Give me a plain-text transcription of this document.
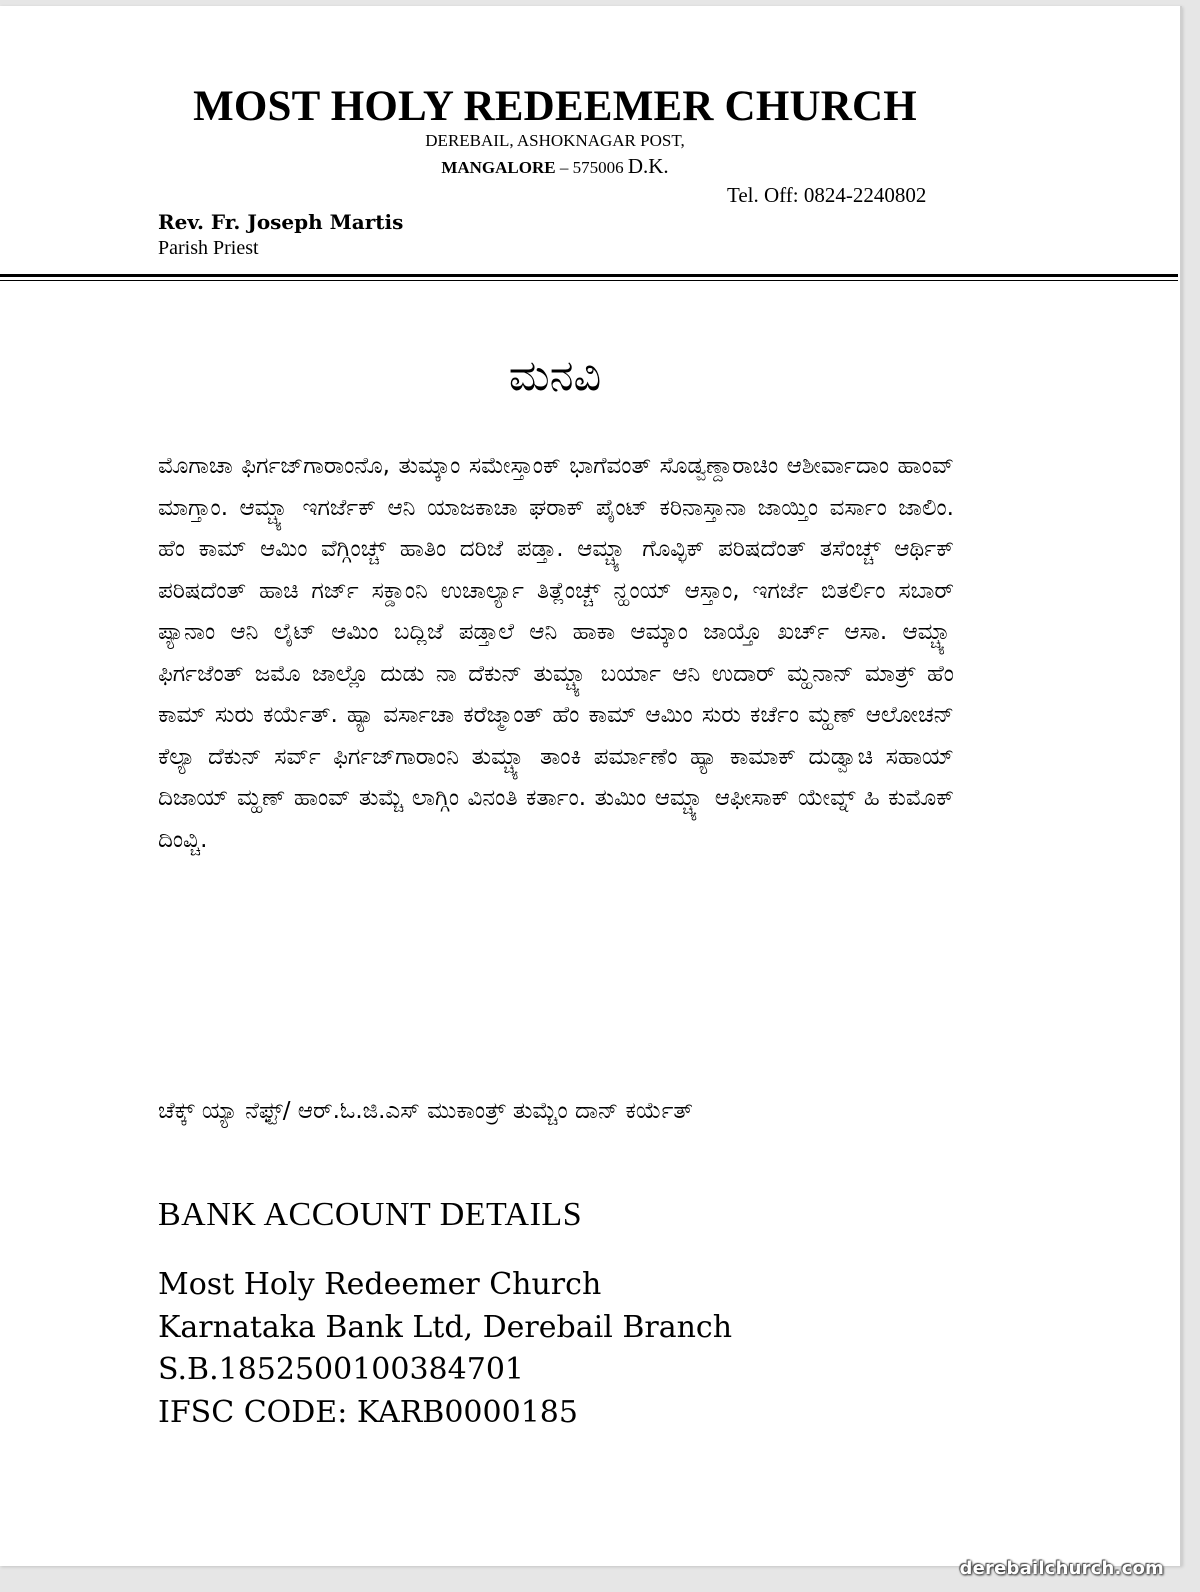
MOST HOLY REDEEMER CHURCH
DEREBAIL, ASHOKNAGAR POST,
MANGALORE – 575006 D.K.
Tel. Off: 0824-2240802
Rev. Fr. Joseph Martis
Parish Priest
ಮನವಿ
ಮೊಗಾಚಾ ಫಿರ್ಗಜ್‌ಗಾರಾಂನೊ, ತುಮ್ಕಾಂ ಸಮೇಸ್ತಾಂಕ್ ಭಾಗೆವಂತ್ ಸೊಡ್ವಣ್ದಾರಾಚಿಂ ಆಶೀರ್ವಾದಾಂ ಹಾಂವ್ ಮಾಗ್ತಾಂ. ಆಮ್ಚ್ಯಾ ಇಗರ್ಜೆಕ್ ಆನಿ ಯಾಜಕಾಚಾ ಘರಾಕ್ ಪೈಂಟ್ ಕರಿನಾಸ್ತಾನಾ ಜಾಯ್ತಿಂ ವರ್ಸಾಂ ಜಾಲಿಂ. ಹೆಂ ಕಾಮ್ ಆಮಿಂ ವೆಗ್ಗಿಂಚ್ಚ್ ಹಾತಿಂ ದರಿಜೆ ಪಡ್ತಾ. ಆಮ್ಚ್ಯಾ ಗೊವ್ಳಿಕ್ ಪರಿಷದೆಂತ್ ತಸೆಂಚ್ಚ್ ಆರ್ಥಿಕ್ ಪರಿಷದೆಂತ್ ಹಾಚಿ ಗರ್ಜ್ ಸಕ್ಡಾಂನಿ ಉಚಾರ್ಲ್ಯಾ ತಿತ್ಲೆಂಚ್ಚ್ ನ್ಹಂಯ್ ಆಸ್ತಾಂ, ಇಗರ್ಜೆ ಬಿತರ್ಲಿಂ ಸಬಾರ್ ಪ್ಯಾನಾಂ ಆನಿ ಲೈಟ್ ಆಮಿಂ ಬದ್ಲಿಜೆ ಪಡ್ತಾಲೆ ಆನಿ ಹಾಕಾ ಆಮ್ಕಾಂ ಜಾಯ್ತೊ ಖರ್ಚ್ ಆಸಾ. ಆಮ್ಚ್ಯಾ ಫಿರ್ಗಜೆಂತ್ ಜಮೊ ಜಾಲ್ಲೊ ದುಡು ನಾ ದೆಕುನ್ ತುಮ್ಚ್ಯಾ ಬರ್ಯಾ ಆನಿ ಉದಾರ್ ಮ್ಹನಾನ್ ಮಾತ್ರ್ ಹೆಂ ಕಾಮ್ ಸುರು ಕರ್ಯೆತ್. ಹ್ಯಾ ವರ್ಸಾಚಾ ಕರೆಜ್ಮಾಂತ್ ಹೆಂ ಕಾಮ್ ಆಮಿಂ ಸುರು ಕರ್ಚೆಂ ಮ್ಹಣ್ ಆಲೋಚನ್ ಕೆಲ್ಯಾ ದೆಕುನ್ ಸರ್ವ್ ಫಿರ್ಗಜ್‌ಗಾರಾಂನಿ ತುಮ್ಚ್ಯಾ ತಾಂಕಿ ಪರ್ಮಾಣೆಂ ಹ್ಯಾ ಕಾಮಾಕ್ ದುಡ್ವಾಚಿ ಸಹಾಯ್ ದಿಜಾಯ್ ಮ್ಹಣ್ ಹಾಂವ್ ತುಮ್ಚೆ ಲಾಗ್ಗಿಂ ವಿನಂತಿ ಕರ್ತಾಂ. ತುಮಿಂ ಆಮ್ಚ್ಯಾ ಆಫೀಸಾಕ್ ಯೇವ್ನ್ ಹಿ ಕುಮೊಕ್ ದಿಂವ್ಚಿ.
ಚೆಕ್ಕ್ ಯ್ಯಾ ನೆಫ್ಟ್/ ಆರ್.ಓ.ಜಿ.ಎಸ್ ಮುಕಾಂತ್ರ್ ತುಮ್ಚೆಂ ದಾನ್ ಕರ್ಯೆತ್
BANK ACCOUNT DETAILS
Most Holy Redeemer Church
Karnataka Bank Ltd, Derebail Branch
S.B.1852500100384701
IFSC CODE: KARB0000185
derebailchurch.com
